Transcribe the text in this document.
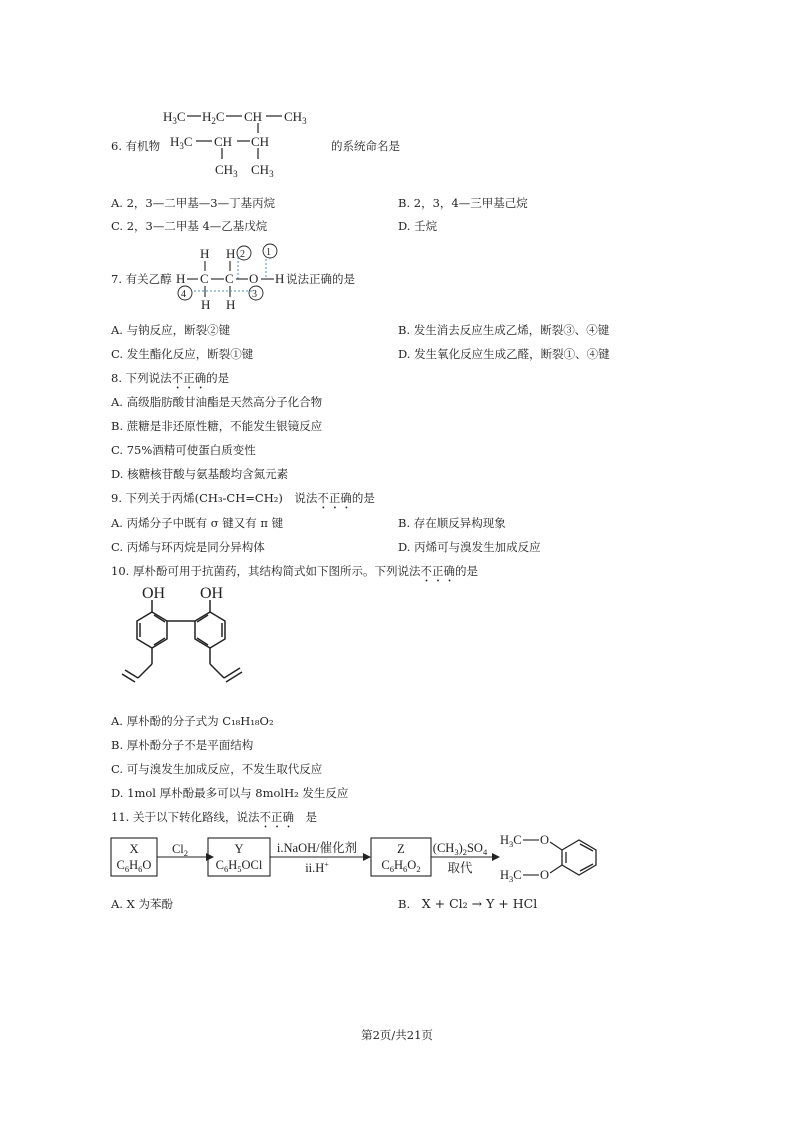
$H_3C$ $H_2C$ CH $CH_3$
$H_3C$ CH CH
$CH_3$ $CH_3$
6. 有机物	的系统命名是
A. 2，3—二甲基—3—丁基丙烷	B. 2，3，4—三甲基己烷
C. 2，3—二甲基 4—乙基戊烷	D. 壬烷
7. 有关乙醇
H H 2 1
H C C O H
4	3
H H
说法正确的是
A. 与钠反应，断裂②键	B. 发生消去反应生成乙烯，断裂③、④键
C. 发生酯化反应，断裂①键	D. 发生氧化反应生成乙醛，断裂①、④键
8. 下列说法不正确的是
A. 高级脂肪酸甘油酯是天然高分子化合物
B. 蔗糖是非还原性糖，不能发生银镜反应
C. 75%酒精可使蛋白质变性
D. 核糖核苷酸与氨基酸均含氮元素
9. 下列关于丙烯(CH₃-CH=CH₂)　说法不正确的是
A. 丙烯分子中既有 σ 键又有 π 键	B. 存在顺反异构现象
C. 丙烯与环丙烷是同分异构体	D. 丙烯可与溴发生加成反应
10. 厚朴酚可用于抗菌药，其结构简式如下图所示。下列说法不正确的是
OH OH
A. 厚朴酚的分子式为 C₁₈H₁₈O₂
B. 厚朴酚分子不是平面结构
C. 可与溴发生加成反应，不发生取代反应
D. 1mol 厚朴酚最多可以与 8molH₂ 发生反应
11. 关于以下转化路线，说法不正确　是
X
$C_6H_6O$
$Cl_2$	Y
$C_6H_5OCl$
i.NaOH/催化剂
ii.H+
Z
$C_6H_6O_2$
$(CH_3)_2SO_4$
取代
$H_3C$ O
$H_3C$ O
A. X 为苯酚	B. X + Cl₂ → Y + HCl
第2页/共21页
